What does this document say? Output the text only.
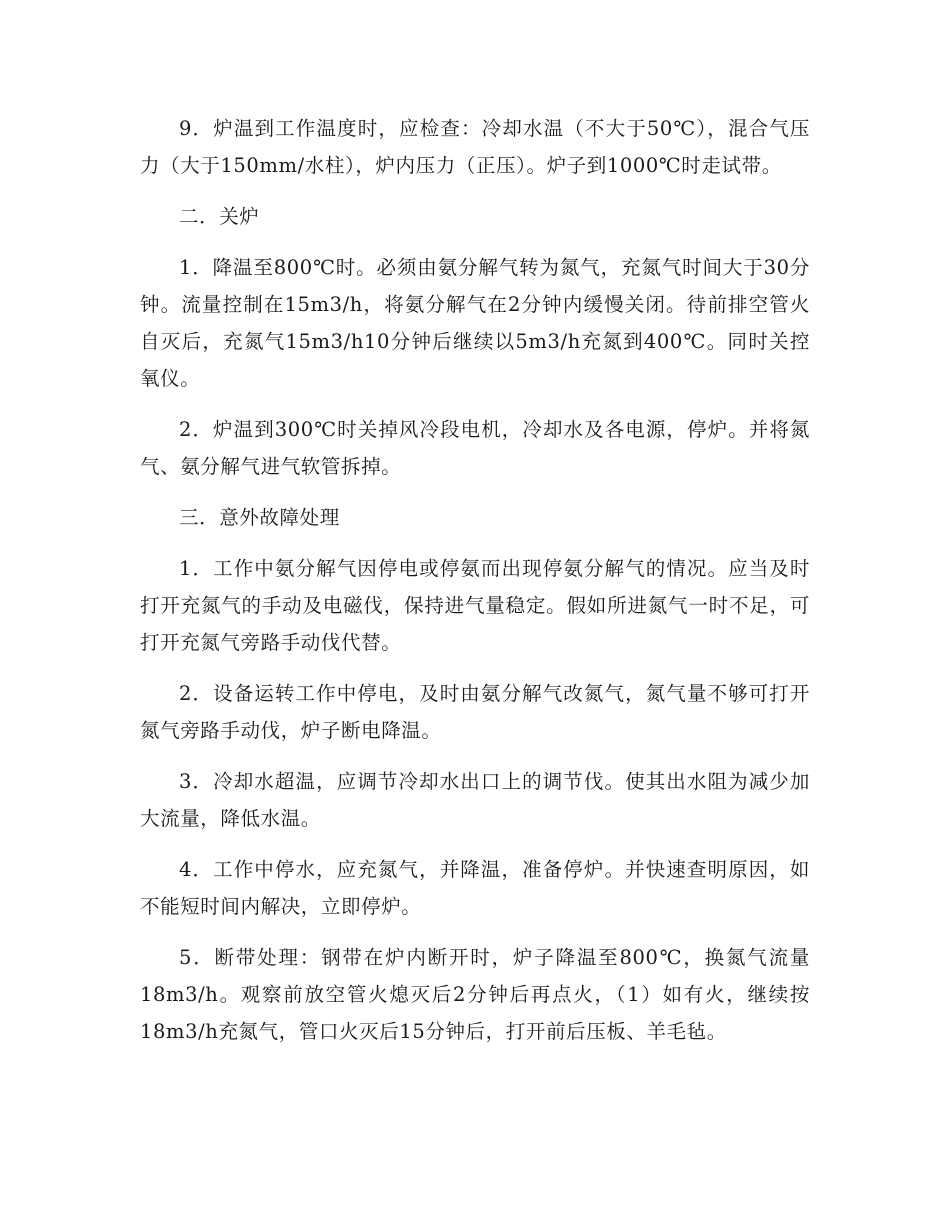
9．炉温到工作温度时，应检查：冷却水温（不大于50℃），混合气压力（大于150mm/水柱），炉内压力（正压）。炉子到1000℃时走试带。

二．关炉

1．降温至800℃时。必须由氨分解气转为氮气，充氮气时间大于30分钟。流量控制在15m3/h，将氨分解气在2分钟内缓慢关闭。待前排空管火自灭后，充氮气15m3/h10分钟后继续以5m3/h充氮到400℃。同时关控氧仪。

2．炉温到300℃时关掉风冷段电机，冷却水及各电源，停炉。并将氮气、氨分解气进气软管拆掉。

三．意外故障处理

1．工作中氨分解气因停电或停氨而出现停氨分解气的情况。应当及时打开充氮气的手动及电磁伐，保持进气量稳定。假如所进氮气一时不足，可打开充氮气旁路手动伐代替。

2．设备运转工作中停电，及时由氨分解气改氮气，氮气量不够可打开氮气旁路手动伐，炉子断电降温。

3．冷却水超温，应调节冷却水出口上的调节伐。使其出水阻为减少加大流量，降低水温。

4．工作中停水，应充氮气，并降温，准备停炉。并快速查明原因，如不能短时间内解决，立即停炉。

5．断带处理：钢带在炉内断开时，炉子降温至800℃，换氮气流量18m3/h。观察前放空管火熄灭后2分钟后再点火，（1）如有火，继续按18m3/h充氮气，管口火灭后15分钟后，打开前后压板、羊毛毡。
